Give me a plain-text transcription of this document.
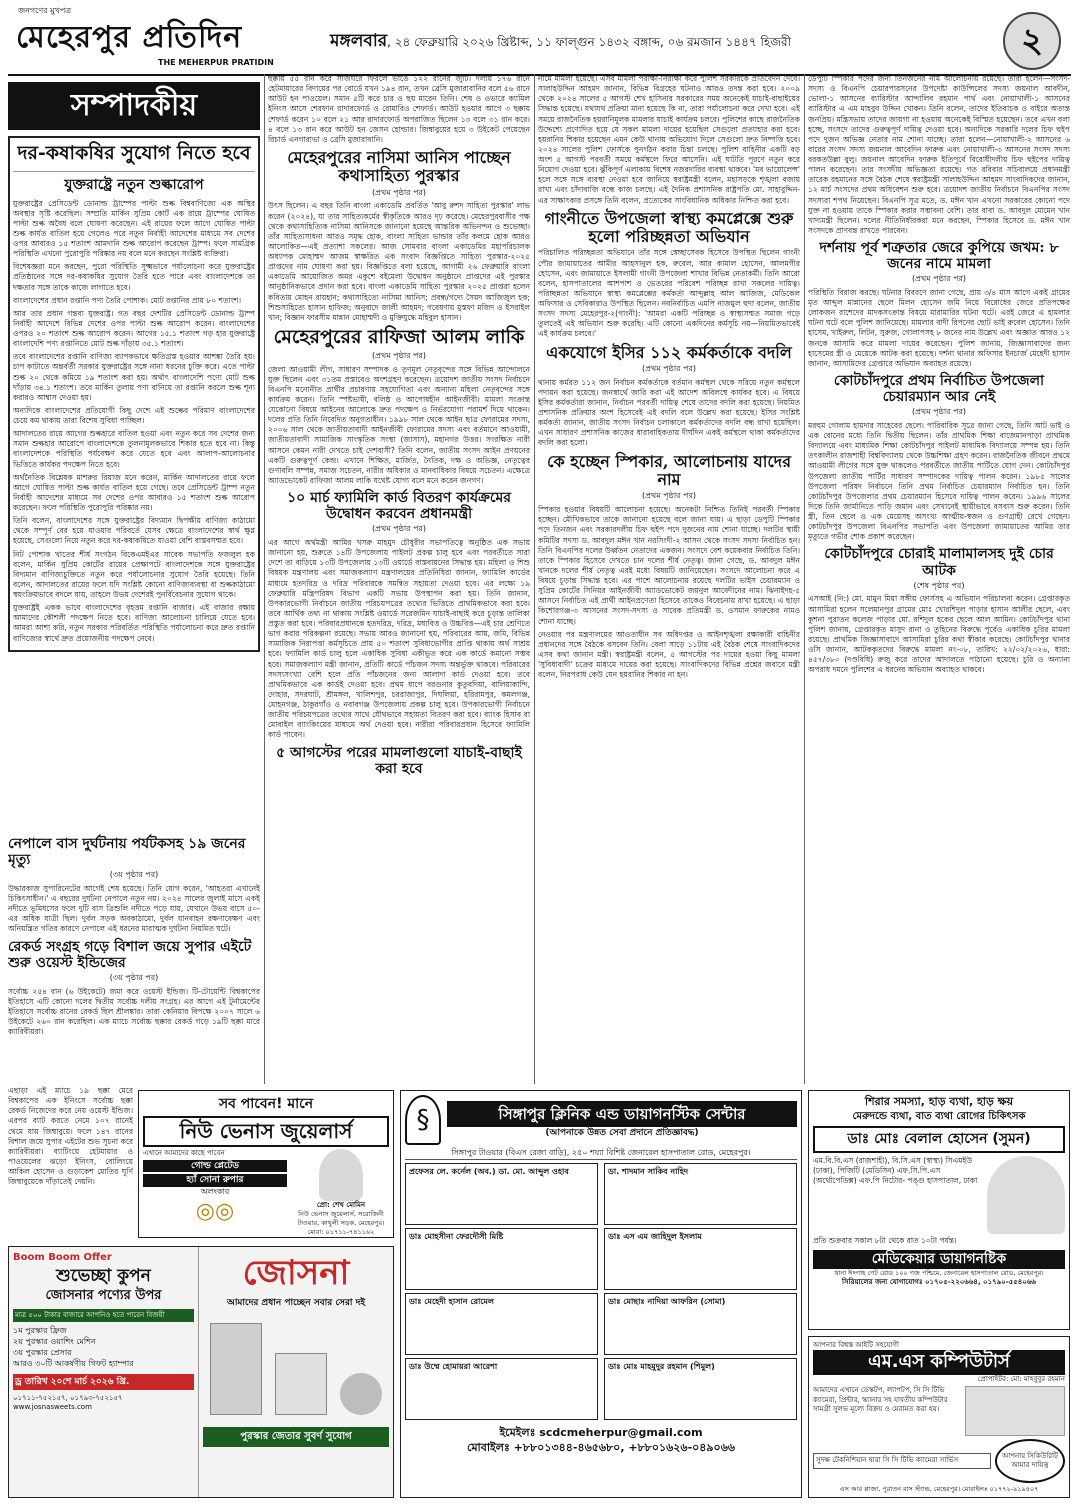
জনগণের মুখপত্র
মেহেরপুর প্রতিদিন
THE MEHERPUR PRATIDIN
মঙ্গলবার, ২৪ ফেব্রুয়ারি ২০২৬ খ্রিষ্টাব্দ, ১১ ফাল্গুন ১৪৩২ বঙ্গাব্দ, ০৬ রমজান ১৪৪৭ হিজরী	২
সম্পাদকীয়
দর-কষাকষির সুযোগ নিতে হবে
যুক্তরাষ্ট্রে নতুন শুল্কারোপ

যুক্তরাষ্ট্রের প্রেসিডেন্ট ডোনাল্ড ট্রাম্পের পাল্টা শুল্ক বিশ্ববাণিজ্যে এক অস্থির অবস্থার সৃষ্টি করেছিল। সম্প্রতি মার্কিন সুপ্রিম কোর্ট এক রায়ে ট্রাম্পের ঘোষিত পাল্টা শুল্ক অবৈধ বলে ঘোষণা করেছেন। এই রায়ের ফলে আগে ঘোষিত পাল্টা শুল্ক কার্যত বাতিল হয়ে গেলেও পরে নতুন নির্বাহী আদেশের মাধ্যমে সব দেশের ওপর আবারও ১৫ শতাংশ আমদানি শুল্ক আরোপ করেছেন ট্রাম্প। ফলে সামগ্রিক পরিস্থিতি এখনো পুরোপুরি পরিষ্কার নয় বলে মনে করছেন সংশ্লিষ্ট ব্যক্তিরা।

বিশেষজ্ঞরা মনে করছেন, পুরো পরিস্থিতি সূক্ষ্মভাবে পর্যালোচনা করে যুক্তরাষ্ট্রের প্রতিষ্ঠানের সঙ্গে দর-কষাকষির সুযোগ তৈরি হতে পারে এবং বাংলাদেশকে তা দক্ষতার সঙ্গে তাকে কাজে লাগাতে হবে।

বাংলাদেশের প্রধান রপ্তানি পণ্য তৈরি পোশাক। মোট রপ্তানির প্রায় ৮০ শতাংশ।

আর তার প্রধান গন্তব্য যুক্তরাষ্ট্র। গত বছর দেশটির প্রেসিডেন্ট ডোনাল্ড ট্রাম্প নির্বাহী আদেশে বিভিন্ন দেশের ওপর পাল্টা শুল্ক আরোপ করেন। বাংলাদেশের ওপরও ২০ শতাংশ শুল্ক আরোপ করেন। আগের ১৫.১ শতাংশ গড় হার যুক্তরাষ্ট্রে বাংলাদেশি পণ্য রপ্তানিতে মোট শুল্ক দাঁড়ায় ৩৫.১ শতাংশ।

তবে বাংলাদেশের রপ্তানি বাণিজ্য ব্যাপকভাবে ক্ষতিগ্রস্ত হওয়ার আশঙ্কা তৈরি হয়। চাপ কাটাতে অন্তর্বর্তী সরকার যুক্তরাষ্ট্রের সঙ্গে নানা ধরনের চুক্তি করে। এতে পাল্টা শুল্ক ২০ থেকে কমিয়ে ১৯ শতাংশ করা হয়। অর্থাৎ বাংলাদেশি পণ্যে মোট শুল্ক দাঁড়ায় ৩৪.১ শতাংশ। তবে মার্কিন তুলায় পণ্য বানিয়ে তা রপ্তানি করলে শুল্ক শূন্য করারও আশ্বাস দেওয়া হয়।

অন্যদিকে বাংলাদেশের প্রতিযোগী কিছু দেশে এই শুল্কের পরিমাণ বাংলাদেশের চেয়ে কম থাকায় তারা বিশেষ সুবিধা পাচ্ছিল।

আদালতের রায়ে আগের শুল্কহারে বাতিল হওয়া এবং নতুন করে সব দেশের জন্য সমান শুল্কহার আরোপে বাংলাদেশকে তুলনামূলকভাবে শিকার হতে হবে না। কিন্তু বাংলাদেশকে পরিস্থিতি পর্যবেক্ষণ করে যেতে হবে এবং আলাপ-আলোচনার ভিত্তিতে কার্যকর পদক্ষেপ নিতে হবে।

অর্থনৈতিক বিশ্লেষক মাশরুর রিয়াজ মনে করেন, মার্কিন আদালতের রায়ে ফলে আগে ঘোষিত পাল্টা শুল্ক কার্যত বাতিল হয়ে গেছে। তবে প্রেসিডেন্ট ট্রাম্প নতুন নির্বাহী আদেশের মাধ্যমে সব দেশের ওপর আবারও ১৫ শতাংশ শুল্ক আরোপ করেছেন। ফলে পরিস্থিতি পুরোপুরি পরিষ্কার নয়।

তিনি বলেন, বাংলাদেশের সঙ্গে যুক্তরাষ্ট্রের বিদ্যমান দ্বিপক্ষীয় বাণিজ্য কাঠামো থেকে সম্পূর্ণ বের হয়ে যাওয়ার পরিবর্তে যেসব ক্ষেত্রে বাংলাদেশের স্বার্থ ক্ষুণ্ণ হয়েছে, সেগুলো নিয়ে নতুন করে দর-কষাকষিতে যাওয়া বেশি বাস্তবসম্মত হবে।

নিট পোশাক খাতের শীর্ষ সংগঠন বিকেএমইএর সাবেক সভাপতি ফজলুল হক বলেন, মার্কিন সুপ্রিম কোর্টের রায়ের প্রেক্ষাপটে বাংলাদেশকে সঙ্গে যুক্তরাষ্ট্রের বিদ্যমান বাণিজ্যচুক্তিতে নতুন করে পর্যালোচনার সুযোগ তৈরি হয়েছে। তিনি বলেন, আদালতের রায়ের ফলে যদি সংশ্লিষ্ট কোনো বাণিজ্যব্যবস্থা বা শুল্ককাঠামো স্বয়ংক্রিয়ভাবে বদলে যায়, তাহলে উভয় দেশেরই পুনর্বিবেচনার সুযোগ থাকে।

যুক্তরাষ্ট্রই একক ভাবে বাংলাদেশের বৃহত্তম রপ্তানি বাজার। এই বাজার রক্ষায় আমাদের কৌশলী পদক্ষেপ নিতে হবে। বাণিজ্য আলোচনা চালিয়ে যেতে হবে। আমরা আশা করি, নতুন সরকার পরিবর্তিত পরিস্থিতি পর্যালোচনা করে দ্রুত রপ্তানি বাণিজ্যের স্বার্থে দ্রুত প্রয়োজনীয় পদক্ষেপ নেবে।

নেপালে বাস দুর্ঘটনায় পর্যটকসহ ১৯ জনের মৃত্যু
(৩য় পৃষ্ঠার পর)

উদ্ধারকাজ সুপারিনেটের আগেই শেষ হয়েছে। তিনি যোগ করেন, 'আহতরা এখানেই চিকিৎসাধীন।' এ বছরের দুর্ঘটনা নেপালে নতুন নয়। ২০২৪ সালের জুলাই মাসে একই নদীতে ভূমিধসের ফলে দুটি বাস ত্রিশুলি নদীতে পড়ে যায়, যেখানে উভয় বাসে ৫০-এর অধিক যাত্রী ছিল। দুর্বল সড়ক অবকাঠামো, দুর্বল যানবাহন রক্ষণাবেক্ষণ এবং অনিয়ন্ত্রিত গতির কারণে নেপালে এই ধরনের মারাত্মক দুর্ঘটনা নিয়মিত ঘটে।

রেকর্ড সংগ্রহ গড়ে বিশাল জয়ে সুপার এইটে শুরু ওয়েস্ট ইন্ডিজের
(৩য় পৃষ্ঠার পর)

সর্বোচ্চ ২৫৪ রান (৬ উইকেটে) জমা করে ওয়েস্ট ইন্ডিজ। টি-টোয়েন্টি বিশ্বকাপের ইতিহাসে এটি কোনো দলের দ্বিতীয় সর্বোচ্চ দলীয় সংগ্রহ। এর আগে এই টুর্নামেন্টের ইতিহাসে সর্বোচ্চ রানের রেকর্ড ছিল শ্রীলঙ্কার। তারা কেনিয়ার বিপক্ষে ২০০৭ সালে ৬ উইকেটে ২৬০ রান করেছিল। এক ম্যাচে সর্বোচ্চ ছক্কার রেকর্ড গড়ে ১৯টি ছক্কা মারে ক্যারিবীয়রা।

এছাড়া এই ম্যাচে ১৯ ছক্কা মেরে বিশ্বকাপের এক ইনিংসে সর্বোচ্চ ছক্কা রেকর্ড নিজেদের করে নেয় ওয়েস্ট ইন্ডিজ। এরপর ব্যাট করতে নেমে ১০৭ রানেই থেমে যায় জিম্বাবুয়ে। ফলে ১৪৭ রানের বিশাল জয়ে সুপার এইটের শুভ সূচনা করে ক্যারিবীয়রা। ব্যাটিংয়ে হেটমায়ার ও পাওয়েলের ঝড়ো ইনিংস, বোলিংয়ে আকিল হোসেন ও গুড়াকেশ মোতির ঘূর্ণি জিম্বাবুয়েকে দাঁড়াতেই দেয়নি।

সব পাবেন! মানে
নিউ ভেনাস জুয়েলার্স
এখানে আমাদের কাছে পাবেন
গোল্ড প্লেটেড
হ্যাঁ সোনা রুপার
অলংকার
◎◎	প্রো: শেখ মোমিন
নিউ ভেনাস জুয়েলার্স, সরোজিনী টাওয়ার, কাথুলী সড়ক, মেহেরপুর। মোবা: ০১৭১১-৭৪১১৬২
Boom Boom Offer
শুভেচ্ছা কুপন
জোসনার পণ্যের উপর
মাত্র ৫০০ টাকার বাজারে আপনিও হতে পারেন বিজয়ী
১ম পুরস্কার ফ্রিজ
২য় পুরস্কার ওয়াশিং মেশিন
৩য় পুরস্কার প্রেসার
আরও ৩০টি আকর্ষণীয় গিফট হ্যাম্পার
ড্র তারিখ ২০শে মার্চ ২০২৬ খ্রি.
০১৭১১-৭৫২১৫৭, ০১৭৯৩-৭৫২১৫৭
www.josnasweets.com
জোসনা
আমাদের প্রধান পাচ্ছেন সবার সেরা দই
পুরস্কার জেতার সুবর্ণ সুযোগ

ছক্কায় ৫৫ রান করে সাজঘরে ফিরলে ভাঙে ১২২ রানের জুটি। দলীয় ১৭৬ রানে হেটমায়ারের বিদায়ের পর বোর্ডে যখন ১৯৪ রান, তখন ব্রেসি মুজারাবানির বলে ৫৬ রানে আউট হন পাওয়েল। সমান ৫টি করে চার ও ছয় মারেন তিনি। শেষ ও ওভারে ক্যামিল ইনিংস আসে শেরফান রাদারফোর্ড ও রোমারিও শেফার্ড। আউট হওয়ার আগে ৩ ছক্কায় শেফার্ড করেন ১০ বলে ২১ আর রাদারফোর্ড অপরাজিত ছিলেন ১৩ বলে ৩১ রান করে। ৪ বলে ১৩ রান করে আউট হন জেসন হোল্ডার। জিম্বাবুয়ের হয়ে ৩ উইকেট পেয়েছেন রিচার্ড এনগারাভা ও ব্রেসি মুজারাবানি।

মেহেরপুরের নাসিমা আনিস পাচ্ছেন কথাসাহিত্য পুরস্কার
(প্রথম পৃষ্ঠার পর)

উৎস ছিলেন। এ বছর তিনি বাংলা একাডেমি প্রবর্তিত 'আবু রুশদ সাহিত্য পুরস্কার' লাভ করেন (২০২৪), যা তার সাহিত্যকর্মের স্বীকৃতিকে আরও দৃঢ় করেছে। মেহেরপুরবাসীর পক্ষ থেকে কথাসাহিত্যিক নাসিমা আনিসকে জানানো হয়েছে আন্তরিক অভিনন্দন ও শুভেচ্ছা। তাঁর সাহিত্যসাধনা আরও সমৃদ্ধ হোক, বাংলা সাহিত্য ভান্ডার তাঁর কলমে হোক আরও আলোকিত—এই প্রত্যাশা সকলের। আজ সোমবার বাংলা একাডেমির মহাপরিচালক অধ্যাপক মোহাম্মদ আজম স্বাক্ষরিত এক সংবাদ বিজ্ঞপ্তিতে সাহিত্য পুরস্কার-২০২৫ প্রাপ্তদের নাম ঘোষণা করা হয়। বিজ্ঞপ্তিতে বলা হয়েছে, আগামী ২৬ ফেব্রুয়ারি বাংলা একাডেমি আয়োজিত অমর একুশে বইমেলা উদ্বোধন অনুষ্ঠানে প্রাপ্তদের এই পুরস্কার আনুষ্ঠানিকভাবে প্রদান করা হবে। বাংলা একাডেমি সাহিত্য পুরস্কার ২০২৫ প্রাপ্তরা হলেন কবিতায় মোহন রায়হান; কথাসাহিত্যে নাসিমা আনিস; প্রবন্ধ/গদ্যে সৈয়দ আজিজুল হক; শিশুসাহিত্যে হাসান হাফিজ; অনুবাদে জালী আহমদ; গবেষণায় মুস্তফা মজিদ ও ইসরাইল খান; বিজ্ঞান ফারসীম মান্নান মোহাম্মদী ও মুক্তিযুদ্ধে মহিবুল হাসান।

মেহেরপুরের রাফিজা আলম লাকি
(প্রথম পৃষ্ঠার পর)

জেলা আওয়ামী লীগ, সাধারণ সম্পাদক ও তৃণমূল নেতৃবৃন্দের সঙ্গে বিভিন্ন আন্দোলনে যুক্ত ছিলেন এবং ৩১তম প্রস্তাবেও অংশগ্রহণ করেছেন। ত্রয়োদশ জাতীয় সংসদ নির্বাচনে বিএনপি মনোনীত প্রার্থীর প্রচারণায় সহযোগিতা এবং অন্যান্য মহিলা নেতৃবৃন্দের সঙ্গে কার্যক্রম করেন। তিনি স্পষ্টভাষী, বলিষ্ঠ ও আপোষহীন আইনজীবী। মামলা সংক্রান্ত যেকোনো বিষয়ে আইনের আলোকে দ্রুত পদক্ষেপ ও নির্ভরযোগ্য পরামর্শ দিয়ে থাকেন। দলের প্রতি তিনি নিবেদিত অনুগতাধীন। ১৯৯৮ সাল থেকে আইন ছাত্র ফোরামের সদস্য, ২০০৬ সাল থেকে জাতীয়তাবাদী আইনজীবী ফোরামের সদস্য এবং বর্তমানে আওয়ামী, জাতীয়তাবাদী সামাজিক সাংস্কৃতিক সংস্থা (জাসাস), মহানগর উত্তর। সংরক্ষিত নারী আসনে কেমন নারী দেখতে চাই দেশবাসী? তিনি বলেন, জাতীয় সংসদ আইন প্রণয়নের একটি গুরুত্বপূর্ণ কেন্দ্র। এখানে শিক্ষিত, মার্জিত, নৈতিক, দক্ষ ও অভিজ্ঞ, নেতৃত্বের গুণাবলি সম্পন্ন, সমাজ সচেতন, নারীর অধিকার ও মানবাধিকার বিষয়ে সচেতন। এক্ষেত্রে অ্যাডভোকেট রাফিজা আলম লাকি যথেষ্ট যোগ্য বলে মনে করেন জনগণ।

১০ মার্চ ফ্যামিলি কার্ড বিতরণ কার্যক্রমের উদ্বোধন করবেন প্রধানমন্ত্রী
(প্রথম পৃষ্ঠার পর)

এর আগে অর্থমন্ত্রী আমির খসরু মাহমুদ চৌধুরীর সভাপতিত্বে অনুষ্ঠিত এক সভায় জানানো হয়, শুরুতে ১৪টি উপজেলায় পাইলট প্রকল্প চালু হবে এবং পরবর্তীতে সারা দেশে তা বাড়িয়ে ১৩টি উপজেলায় ১৩টি ওয়ার্ডে বাস্তবায়নের সিদ্ধান্ত হয়। মহিলা ও শিশু বিষয়ক মন্ত্রণালয় এবং সমাজকল্যাণ মন্ত্রণালয়ের প্রতিনিধিরা জানান, ফ্যামিলি কার্ডের মাধ্যমে হতদরিদ্র ও দরিদ্র পরিবারকে সমন্বিত সহায়তা দেওয়া হবে। এর লক্ষ্যে ১৯ ফেব্রুয়ারি মন্ত্রিপরিষদ বিভাগ একটি সভায় উপস্থাপন করা হয়। তিনি জানান, উপকারভোগী নির্বাচনে জাতীয় পরিচয়পত্রের তথ্যের ভিত্তিতে প্রাথমিকভাবে করা হবে। তবে আর্থিক তথ্য না থাকায় সংশ্লিষ্ট ওয়ার্ডে সরেজমিন যাচাই-বাছাই করে চূড়ান্ত তালিকা প্রস্তুত করা হবে। পরিবারপ্রধানকে হতদরিদ্র, দরিদ্র, মধ্যবিত্ত ও উচ্চবিত্ত—এই চার শ্রেণিতে ভাগ করার পরিকল্পনা রয়েছে। সভায় আরও জানানো হয়, পরিবারের আয়, জমি, বিভিন্ন সামাজিক নিরাপত্তা কর্মসূচিতে প্রায় ৫০ শতাংশ সুবিধাভোগীর প্রাপ্তি থাকায় অর্থ সাশ্রয় হবে। ফ্যামিলি কার্ড চালু হলে একাধিক সুবিধা একীভূত করে এক কার্ডে কমানো সম্ভব হবে। সমাজকল্যাণ মন্ত্রী জানান, প্রতিটি কার্ডে পাঁচজন সদস্য অন্তর্ভুক্ত থাকবে। পরিবারের সদস্যসংখ্যা বেশি হলে প্রতি পাঁচজনের জন্য আলাদা কার্ড দেওয়া হবে। তবে প্রাথমিকভাবে এক কার্ডই দেওয়া হবে। প্রথম ধাপে বরগুনার কুতুবদিয়া, বালিয়াকান্দি, দোহার, সদরঘাট, শ্রীমঙ্গল, খালিশপুর, চররাজাপুর, দিঘলিয়া, হরিরামপুর, কমলগঞ্জ, মোহনগঞ্জ, ঠাকুরগাঁও ও নবাবগঞ্জ উপজেলায় প্রকল্প চালু হবে। উপকারভোগী নির্বাচনে জাতীয় পরিচয়পত্রের তথ্যের সাথে যৌথভাবে সহায়তা বিতরণ করা হবে। ব্যাংক হিসাব বা মোবাইল ব্যাংকিংয়ের মাধ্যমে অর্থ দেওয়া হবে। নারীরা পরিবারপ্রধান হিসেবে ফ্যামিলি কার্ড পাবেন।

৫ আগস্টের পরের মামলাগুলো যাচাই-বাছাই করা হবে

নামে মামলা হয়েছে। এসব মামলা পরীক্ষা-নিরীক্ষা করে পুলিশ সরকারকে প্রতিবেদন দেবে। সালাহউদ্দিন আহমদ জানান, বিভিন্ন বিগ্রহের ঘটনাও আরও তদন্ত করা হবে। ২০০৯ থেকে ২০২৪ সালের ৫ আগস্ট শেখ হাসিনার সরকারের সময় অনেকেই যাচাই-বাছাইয়ের সিদ্ধান্ত হয়েছে। যথাযথ প্রক্রিয়া মানা হয়েছে কি না, তারা পর্যালোচনা করে দেখা হবে। এই সময়ে রাজনৈতিক হয়রানিমূলক মামলার যাচাই কার্যক্রম চলবে। পুলিশের কাছে রাজনৈতিক উদ্দেশ্যে প্রণোদিত হয়ে যে সকল মামলা দায়ের হয়েছিল সেগুলো প্রত্যাহার করা হবে। হয়রানির শিকার হয়েছেন এমন কেউ থানায় অভিযোগ দিলে সেগুলো দ্রুত নিষ্পত্তি হবে। ২০২৪ সালের পুলিশ ফোর্সকে পুনর্গঠন করার চিন্তা চলছে। পুলিশ বাহিনীর একটি বড় অংশ ৫ আগস্ট পরবর্তী সময়ে কর্মস্থলে ফিরে আসেনি। এই ঘাটতি পূরণে নতুন করে নিয়োগ দেওয়া হবে। ঝুঁকিপূর্ণ এলাকায় বিশেষ নজরদারির ব্যবস্থা থাকবে। 'মব ভায়োলেন্স' হলে সঙ্গে সঙ্গে ব্যবস্থা নেওয়া হবে জানিয়ে স্বরাষ্ট্রমন্ত্রী বলেন, মহাসড়কে শৃঙ্খলা বজায় রাখা এবং চাঁদাবাজি বন্ধে কাজ চলছে। এই দৈনিক প্রশাসনিক রাষ্ট্রপতি মো. সাহাবুদ্দিন-এর সাক্ষাৎকার প্রসঙ্গে তিনি বলেন, প্রত্যেকের সাংবিধানিক অধিকার নিশ্চিত করা হবে।

গাংনীতে উপজেলা স্বাস্থ্য কমপ্লেক্সে শুরু হলো পরিচ্ছন্নতা অভিযান

পরিচালিত পরিচ্ছন্নতা অভিযানে তাঁর সঙ্গে স্বেচ্ছাসেবক হিসেবে উপস্থিত ছিলেন গাংনী পৌর জামায়াতের আমীর আহসানুল হক, রুবেল, আর কামাল হোসেন, আলমগীর হোসেন, এবং জামায়াতে ইসলামী গাংনী উপজেলা শাখার বিভিন্ন নেতাকর্মী। তিনি আরো বলেন, হাসপাতালের আশপাশ ও ভেতরের পরিবেশ পরিচ্ছন্ন রাখা সকলের দায়িত্ব। পরিচ্ছন্নতা অভিযানে স্বাস্থ্য কমপ্লেক্সের কর্মকর্তা আব্দুল্লাহ আল আজিজ, মেডিকেল অফিসার ও সেবিকারাও উপস্থিত ছিলেন। নবনির্বাচিত এমপি নাজমুল হুদা বলেন, জাতীয় সংসদ সদস্য মেহেরপুর-২(গাংনী): 'আমরা একটি পরিচ্ছন্ন ও স্বাস্থ্যসম্মত সমাজ গড়ে তুলতেই এই অভিযান শুরু করেছি। এটি কোনো একদিনের কর্মসূচি নয়—নিয়মিতভাবেই এই কার্যক্রম চলবে।'

একযোগে ইসির ১১২ কর্মকর্তাকে বদলি
(প্রথম পৃষ্ঠার পর)

থানায় কর্মরত ১১২ জন নির্বাচন কর্মকর্তাকে বর্তমান কর্মস্থল থেকে সরিয়ে নতুন কর্মস্থলে পদায়ন করা হয়েছে। জনস্বার্থে জারি করা এই আদেশ অবিলম্বে কার্যকর হবে। এ বিষয়ে ইসির কর্মকর্তারা জানান, নির্বাচন পরবর্তী দায়িত্ব শেষে তাদের বদলি করা হয়েছে। নিয়মিত প্রশাসনিক প্রক্রিয়ার অংশ হিসেবেই এই বদলি বলে উল্লেখ করা হয়েছে। ইসির সংশ্লিষ্ট কর্মকর্তা জানান, জাতীয় সংসদ নির্বাচন চলাকালে কর্মকর্তাদের বদলি বন্ধ রাখা হয়েছিল। এখন সাধারণ প্রশাসনিক কাজের ধারাবাহিকতায় দীর্ঘদিন একই কর্মস্থলে থাকা কর্মকর্তাদের বদলি করা হলো।

কে হচ্ছেন স্পিকার, আলোচনায় যাদের নাম
(প্রথম পৃষ্ঠার পর)

স্পিকার হওয়ার বিষয়টি আলোচনা হয়েছে। অনেকটা নিশ্চিত তিনিই পরবর্তী স্পিকার হচ্ছেন। মৌখিকভাবে তাকে জানানো হয়েছে বলে জানা যায়। এ ছাড়া ডেপুটি স্পিকার পদে তিনজন এবং সরকারদলীয় চিফ হুইপ পদে দুজনের নাম শোনা যাচ্ছে। দলটির স্থায়ী কমিটির সদস্য ড. আবদুল মঈন খান নরসিংদী-২ আসন থেকে সংসদ সদস্য নির্বাচিত হন। তিনি বিএনপির দলের উর্ধ্বতন নেতাদের একজন। সংসদে বেশ কয়েকবার নির্বাচিত তিনি। তাকে স্পিকার হিসেবে দেখতে চান দলের শীর্ষ নেতৃত্ব। জানা গেছে, ড. আবদুল মঈন খানকে দলের শীর্ষ নেতৃত্ব এরই মধ্যে বিষয়টি জানিয়েছেন। সংসদে আলোচনা করে এ বিষয়ে চূড়ান্ত সিদ্ধান্ত হবে। এর পাশে আলোচনায় রয়েছে দলটির ভাইস চেয়ারম্যান ও সুপ্রিম কোর্টের সিনিয়র আইনজীবী অ্যাডভোকেট জয়নুল আবেদীনের নাম। ঝিনাইদহ-৫ আসনে নির্বাচিত এই প্রার্থী আইনপ্রণেতা হিসেবে তাকেও বিবেচনায় রাখা হয়েছে। এ ছাড়া কিশোরগঞ্জ-৩ আসনের সংসদ-সদস্য ও সাবেক প্রতিমন্ত্রী ড. ওসমান ফারুকের নামও শোনা যাচ্ছে।

নেওয়ার পর মন্ত্রণালয়ের আওতাধীন সব অধিদপ্তর ও আইনশৃঙ্খলা রক্ষাকারী বাহিনীর প্রধানদের সঙ্গে বৈঠকে বসবেন তিনি। বেলা সাড়ে ১১টায় এই বৈঠক শেষে সাংবাদিকদের এসব কথা জানান মন্ত্রী। স্বরাষ্ট্রমন্ত্রী বলেন, ৫ আগস্টের পর দায়ের হওয়া কিছু মামলা 'সুবিধাবাদী' চক্রের মাধ্যমে দায়ের করা হয়েছে। সাংবাদিকদের বিভিন্ন প্রশ্নের জবাবে মন্ত্রী বলেন, নিরপরাধ কেউ যেন হয়রানির শিকার না হন।

ডেপুটি স্পিকার পদের জন্য তিনজনের নাম আলোচনায় রয়েছে। তারা হলেন—সংসদ-সদস্য ও বিএনপি চেয়ারপারসনের উপদেষ্টা কাউন্সিলের সদস্য জয়নাল আবদীন, ভোলা-১ আসনের ব্যারিস্টার আন্দালিব রহমান পার্থ এবং নোয়াখালী-১ আসনের ব্যারিস্টার এ এম মাহবুব উদ্দিন খোকন। তিনি বলেন, তাদের ইতিবাচক ও বাইরে অত্যন্ত জনপ্রিয়। মন্ত্রিসভায় তাদের জায়গা না হওয়ায় অনেকেই বিস্মিত হয়েছেন। তবে এখন বলা হচ্ছে, সংসদে তাদের গুরুত্বপূর্ণ দায়িত্ব দেওয়া হবে। অন্যদিকে সরকারি দলের চিফ হুইপ পদে দুজন অভিজ্ঞ নেতার নাম শোনা যাচ্ছে। তারা হলেন—নোয়াখালী-২ আসনের ৬ বারের সংসদ সদস্য জয়নাল আবেদিন ফারুক এবং নোয়াখালী-৩ আসনের সংসদ সদস্য বরকতউল্লা বুলু। জয়নাল আবেদিন ফারুক ইতিপূর্বে বিরোধীদলীয় চিফ হুইপের দায়িত্ব পালন করেছেন। তার সংসদীয় অভিজ্ঞতা রয়েছে। গত রবিবার সচিবালয়ে প্রধানমন্ত্রী তারেক রহমানের সঙ্গে বৈঠক শেষে স্বরাষ্ট্রমন্ত্রী সালাহউদ্দিন আহমদ সাংবাদিকদের জানান, ১২ মার্চ সংসদের প্রথম অধিবেশন শুরু হবে। ত্রয়োদশ জাতীয় নির্বাচনে বিএনপির সংসদ সদস্যরা শপথ নিয়েছেন। বিএনপি সূত্র মতে, ড. মঈন খান এখনো সরকারের কোনো পদে যুক্ত না হওয়ায় তাকে স্পিকার করার সম্ভাবনা বেশি। তার বাবা ড. আবদুল মোমেন খান খাদ্যমন্ত্রী ছিলেন। দলের নীতিনির্ধারকরা মনে করছেন, স্পিকার হিসেবে ড. মঈন খান সংসদকে প্রাণবন্ত রাখতে পারবেন।

দর্শনায় পূর্ব শত্রুতার জেরে কুপিয়ে জখম: ৮ জনের নামে মামলা
(প্রথম পৃষ্ঠার পর)

পরিস্থিতি বিরাজ করছে। ঘটনার বিবরণে জানা গেছে, প্রায় ৩/৪ মাস আগে একই গ্রামের মৃত আব্দুল মান্নানের ছেলে মিলন হোসেন জমি নিয়ে বিরোধের জেরে প্রতিপক্ষের লোকজন রাশেদের মাদকসংক্রান্ত বিষয়ে মারামারির ঘটনা ঘটে। এরই জেরে এ হামলার ঘটনা ঘটে বলে পুলিশ জানিয়েছে। মামলার বাদী রিপনের ছোট ভাই রুবেল হোসেন। তিনি হাসেম, খাইরুল, লিটন, সুরুজ, গোলাপসহ ৮ জনের নাম উল্লেখ এবং অজ্ঞাত আরও ১২ জনকে আসামি করে মামলা দায়ের করেছেন। পুলিশ জানায়, জিজ্ঞাসাবাদের জন্য হাসেমের স্ত্রী ও মেয়েকে আটক করা হয়েছে। দর্শনা থানার অফিসার ইনচার্জ মেহেদী হাসান জানান, আসামিদের গ্রেপ্তারে অভিযান অব্যাহত রয়েছে।

কোটচাঁদপুরে প্রথম নির্বাচিত উপজেলা চেয়ারম্যান আর নেই
(প্রথম পৃষ্ঠার পর)

মরহুম গোলাম হায়দার সাহেবের ছেলে। পারিবারিক সূত্রে জানা গেছে, তিনি আট ভাই ও এক বোনের মধ্যে তিনি দ্বিতীয় ছিলেন। তাঁর প্রাথমিক শিক্ষা বাজেমানপাড়া প্রাথমিক বিদ্যালয়ে এবং মাধ্যমিক শিক্ষা কোটচাঁদপুর পাইলট মাধ্যমিক বিদ্যালয়ে সম্পন্ন হয়। তিনি তৎকালীন রাজশাহী বিশ্ববিদ্যালয় থেকে উচ্চশিক্ষা গ্রহণ করেন। রাজনৈতিক জীবনে প্রথমে আওয়ামী লীগের সঙ্গে যুক্ত থাকলেও পরবর্তীতে জাতীয় পার্টিতে যোগ দেন। কোটচাঁদপুর উপজেলা জাতীয় পার্টির সাধারণ সম্পাদকের দায়িত্ব পালন করেন। ১৯৮৫ সালের উপজেলা পরিষদ নির্বাচনে তিনি প্রথম নির্বাচিত চেয়ারম্যান নির্বাচিত হন। তিনি কোটচাঁদপুর উপজেলার প্রথম চেয়ারম্যান হিসেবে দায়িত্ব পালন করেন। ১৯৯৬ সালের দিকে তিনি জার্মানিতে পাড়ি জমান এবং সেখানেই স্থায়ীভাবে বসবাস শুরু করেন। তিনি স্ত্রী, তিন ছেলে ও এক মেয়েসহ অসংখ্য আত্মীয়-স্বজন ও গুণগ্রাহী রেখে গেছেন। কোটচাঁদপুর উপজেলা বিএনপির সভাপতি এবং উপজেলা জামায়াতের আমির তার মৃত্যুতে গভীর শোক প্রকাশ করেছেন।

কোটচাঁদপুরে চোরাই মালামালসহ দুই চোর আটক
(শেষ পৃষ্ঠার পর)

এসআই (নি:) মো. মামুন মিয়া সঙ্গীয় ফোর্সসহ এ অভিযান পরিচালনা করেন। গ্রেপ্তারকৃত আসামিরা হলেন সলেমানপুর গ্রামের মোঃ খোরশিদুল পাড়ার হাসান আলীর ছেলে, এবং কুশনা পুরাতন কলেজ পাড়ার মো. রশিদুল হকের ছেলে আল আমিন। কোটচাঁদপুর থানা পুলিশ জানায়, গ্রেপ্তারকৃত মাসুদ রানা ও তুহিনের বিরুদ্ধে পূর্বেও একাধিক চুরির মামলা রয়েছে। প্রাথমিক জিজ্ঞাসাবাদে আসামিরা চুরির কথা স্বীকার করেছে। কোটচাঁদপুর থানার ওসি জানান, আটককৃতদের বিরুদ্ধে মামলা নং-০৮, তারিখ: ২২/০২/২০২৬, ধারা: ৪৫৭/৩৮০ (দণ্ডবিধি) রুজু করে তাদের আদালতে পাঠানো হয়েছে। চুরি ও অন্যান্য অপরাধ দমনে পুলিশের এ ধরনের অভিযান অব্যাহত থাকবে।

§	সিঙ্গাপুর ক্লিনিক এন্ড ডায়াগনস্টিক সেন্টার
(আপনাকে উন্নত সেবা প্রদানে প্রতিজ্ঞাবদ্ধ)
সিঙ্গাপুর টাওয়ার (বিএস রেজা বাড়ি), ২৫০ শয্যা বিশিষ্ট জেনারেল হাসপাতাল রোড, মেহেরপুর।
প্রফেসর লে. কর্নেল (অব.) ডা. মো. আব্দুল ওহাব	ডা. শাদমান সাকিব নাহিদ
ডাঃ মোহসীনা ফেরদৌসী মিষ্টি	ডাঃ এস এম জাহিদুল ইসলাম
ডাঃ মেহেদী হাসান রোমেল	ডাঃ মোছাঃ নাদিয়া আফরিন (সোমা)
ডাঃ উম্মে হোমায়রা আরেশা	ডাঃ মোঃ মাহমুদুর রহমান (শিমুল)
ইমেইলঃ scdcmeherpur@gmail.com
মোবাইলঃ +৮৮০১৩৪৪-৪৬৫৬৮০, +৮৮০১৬২৬-০৪৯০৬৬
শিরার সমস্যা, হাড় ব্যথা, হাড় ক্ষয়
মেরুদন্ডে ব্যথা, বাত ব্যথা রোগের চিকিৎসক
ডাঃ মোঃ বেলাল হোসেন (সুমন)
এম.বি.বি.এস (রাজশাহী), বি.সি.এস (স্বাস্থ্য) সিএমইউ (ঢাকা), পিজিটি (মেডিসিন) এফ.সি.পি.এস (অর্থোপেডিক্স) এফ.পি নিটোর- পঙ্গু হাসপাতাল, ঢাকা
প্রতি শুক্রবার সকাল ৮টা থেকে রাত ১০টা পর্যন্ত।
মেডিকেয়ার ডায়াগনষ্টিক
থানা ঈদগাহ গেট রোড ১০০ গজ পশ্চিমে, জেনারেল হাসপাতাল রোড, মেহেরপুর।
সিরিয়ালের জন্য যোগাযোগঃ ০১৭০৫-২২০৬৬৪, ০১৭৯০-৫৫৪০৬৬
আপনার বিশ্বস্ত আইটি সহযোগী
এম.এস কম্পিউটার্স
প্রোপাইটর: মো: মাহবুবুর রহমান
আমাদের এখানে ডেস্কটপ, ল্যাপটপ, সি সি টিভি ক্যামেরা, প্রিন্টার, স্ক্যানার সহ যাবতীয় কম্পিউটার সামগ্রী সুলভ মূল্যে বিক্রয় ও মেরামত করা হয়।
সুদক্ষ টেকনিশিয়ান দ্বারা সি সি টিভি ক্যামেরা সার্ভিস
আপনার সিকিউরিটি আমার দায়িত্ব
এস আর প্লাজা, পুরাতন বাস স্ট্যান্ড, মেহেরপুর। মোবাইলঃ ০১৭৭২-৯১৯৪০৭
